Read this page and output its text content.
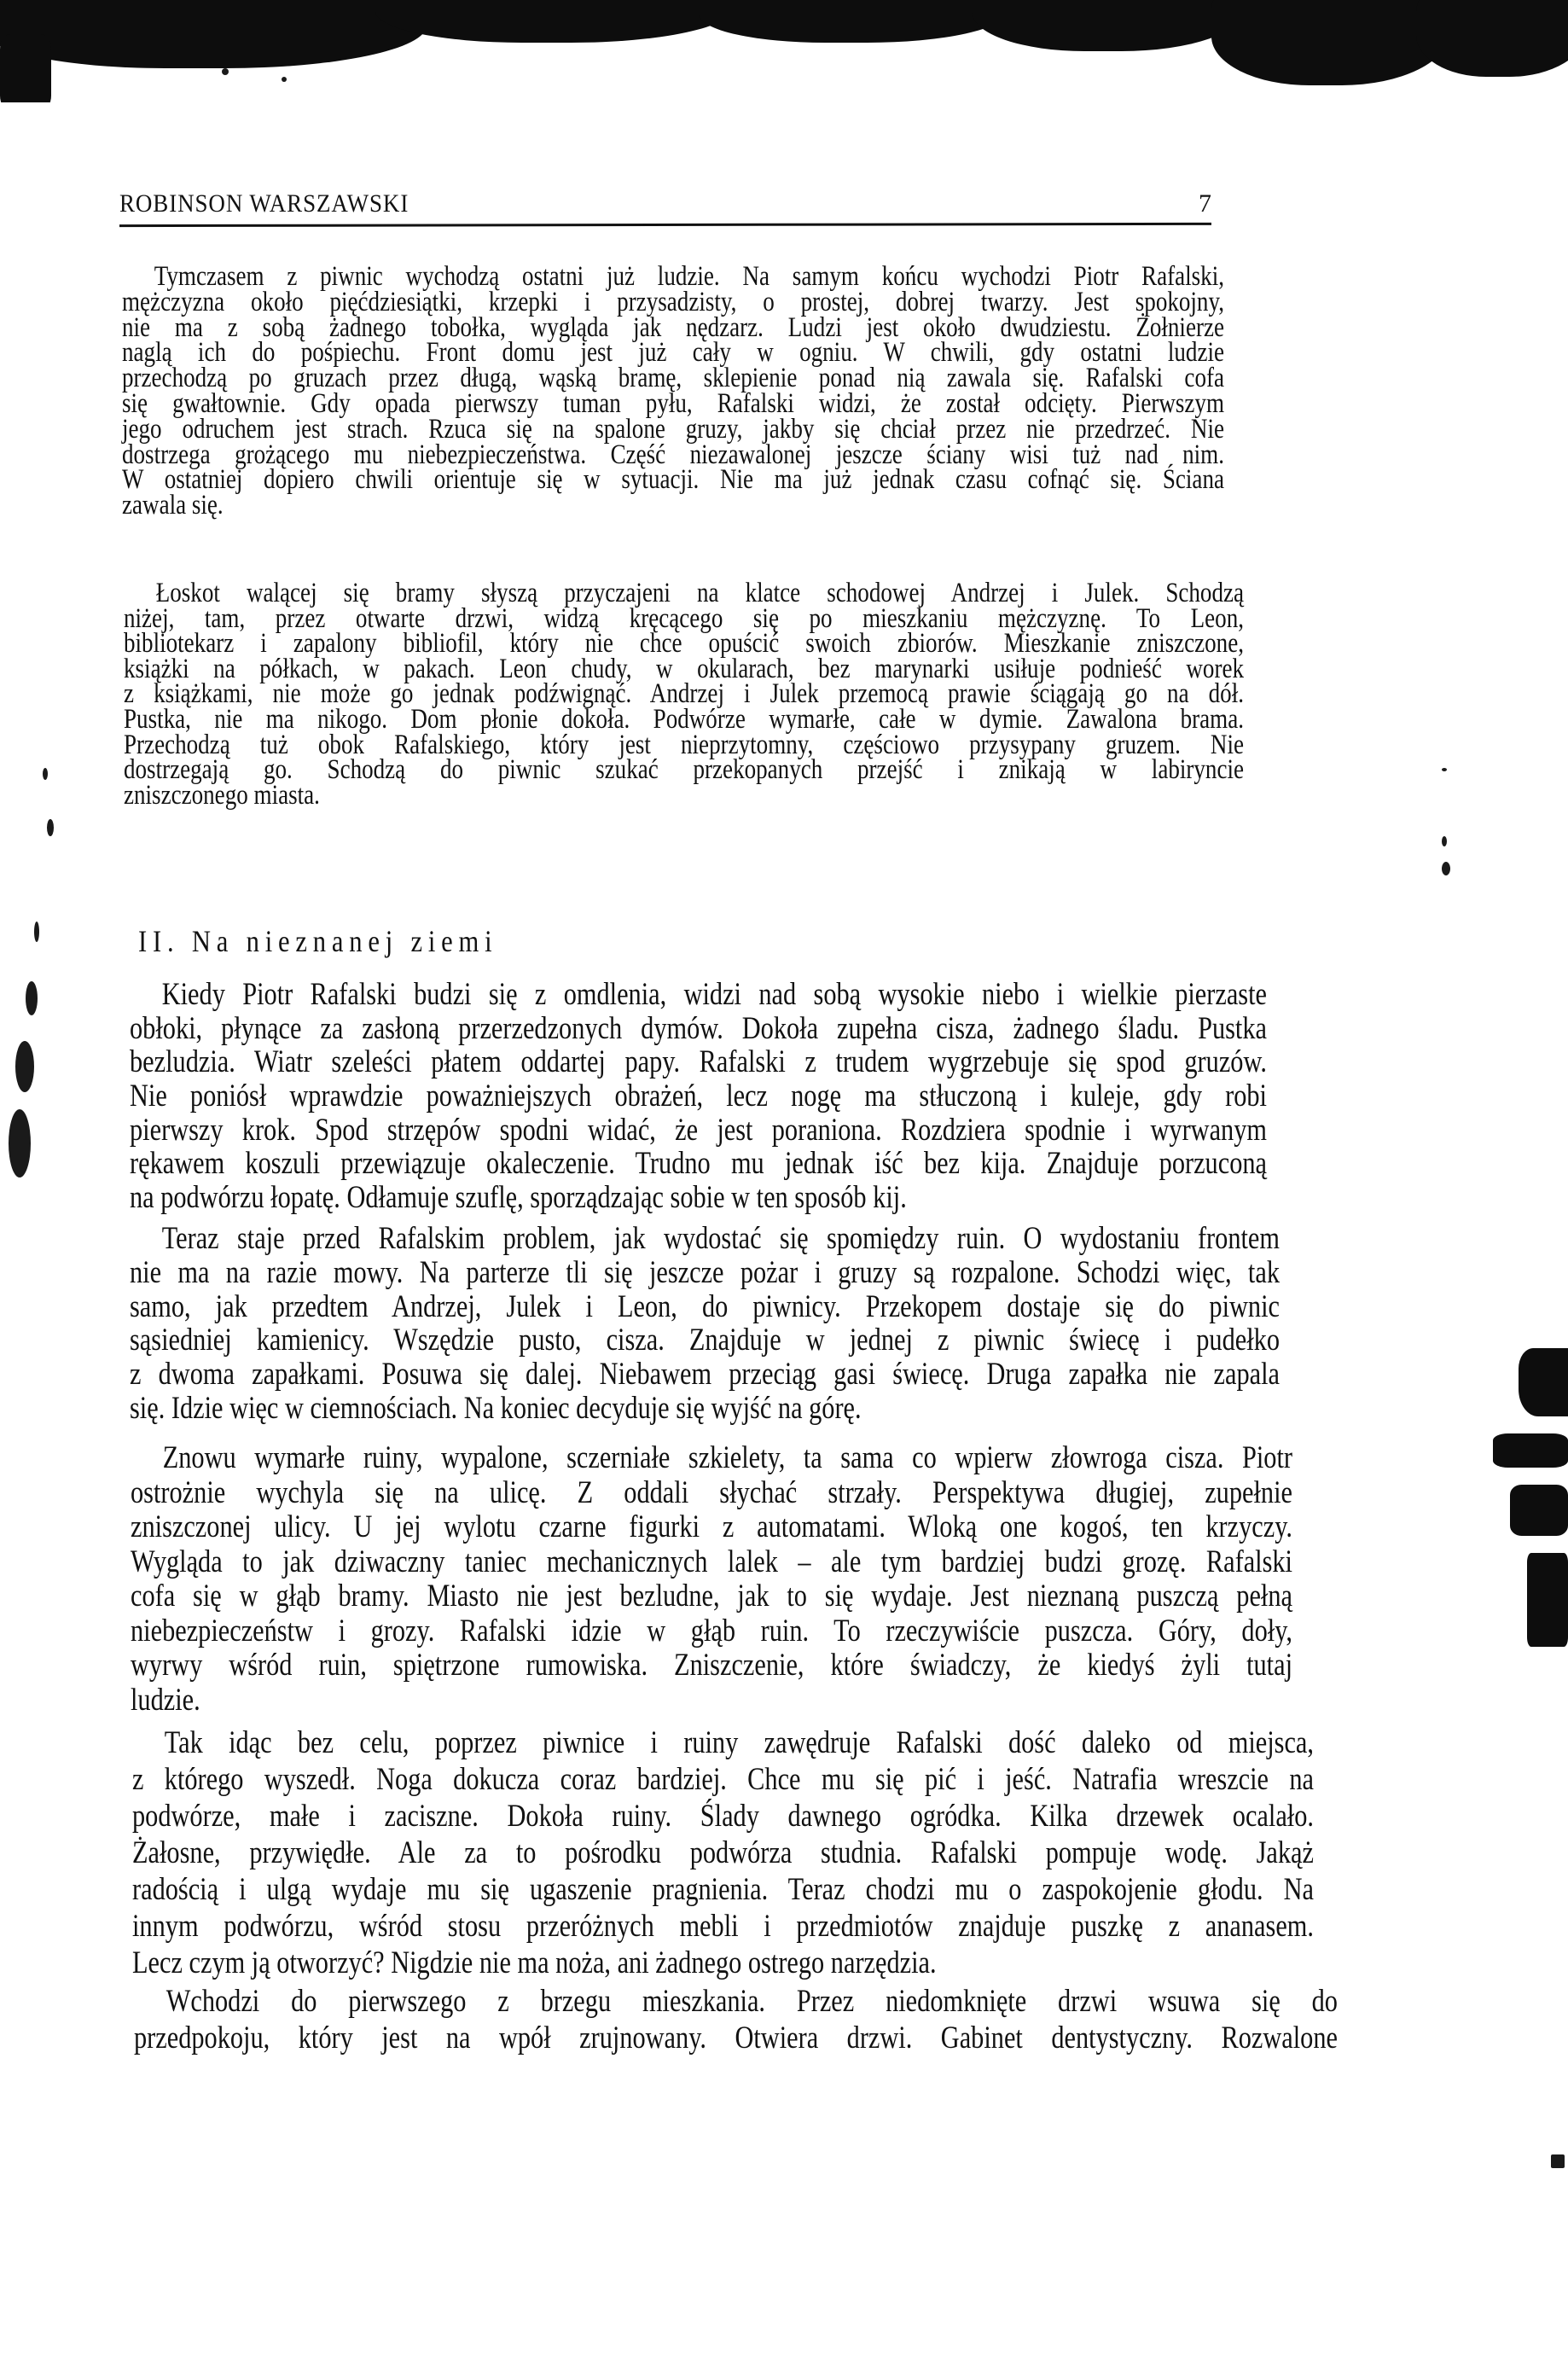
ROBINSON WARSZAWSKI	7
Tymczasem z piwnic wychodzą ostatni już ludzie. Na samym końcu wychodzi Piotr Rafalski,
mężczyzna około pięćdziesiątki, krzepki i przysadzisty, o prostej, dobrej twarzy. Jest spokojny,
nie ma z sobą żadnego tobołka, wygląda jak nędzarz. Ludzi jest około dwudziestu. Żołnierze
naglą ich do pośpiechu. Front domu jest już cały w ogniu. W chwili, gdy ostatni ludzie
przechodzą po gruzach przez długą, wąską bramę, sklepienie ponad nią zawala się. Rafalski cofa
się gwałtownie. Gdy opada pierwszy tuman pyłu, Rafalski widzi, że został odcięty. Pierwszym
jego odruchem jest strach. Rzuca się na spalone gruzy, jakby się chciał przez nie przedrzeć. Nie
dostrzega grożącego mu niebezpieczeństwa. Część niezawalonej jeszcze ściany wisi tuż nad nim.
W ostatniej dopiero chwili orientuje się w sytuacji. Nie ma już jednak czasu cofnąć się. Ściana
zawala się.
Łoskot walącej się bramy słyszą przyczajeni na klatce schodowej Andrzej i Julek. Schodzą
niżej, tam, przez otwarte drzwi, widzą kręcącego się po mieszkaniu mężczyznę. To Leon,
bibliotekarz i zapalony bibliofil, który nie chce opuścić swoich zbiorów. Mieszkanie zniszczone,
książki na półkach, w pakach. Leon chudy, w okularach, bez marynarki usiłuje podnieść worek
z książkami, nie może go jednak podźwignąć. Andrzej i Julek przemocą prawie ściągają go na dół.
Pustka, nie ma nikogo. Dom płonie dokoła. Podwórze wymarłe, całe w dymie. Zawalona brama.
Przechodzą tuż obok Rafalskiego, który jest nieprzytomny, częściowo przysypany gruzem. Nie
dostrzegają go. Schodzą do piwnic szukać przekopanych przejść i znikają w labiryncie
zniszczonego miasta.
Kiedy Piotr Rafalski budzi się z omdlenia, widzi nad sobą wysokie niebo i wielkie pierzaste
obłoki, płynące za zasłoną przerzedzonych dymów. Dokoła zupełna cisza, żadnego śladu. Pustka
bezludzia. Wiatr szeleści płatem oddartej papy. Rafalski z trudem wygrzebuje się spod gruzów.
Nie poniósł wprawdzie poważniejszych obrażeń, lecz nogę ma stłuczoną i kuleje, gdy robi
pierwszy krok. Spod strzępów spodni widać, że jest poraniona. Rozdziera spodnie i wyrwanym
rękawem koszuli przewiązuje okaleczenie. Trudno mu jednak iść bez kija. Znajduje porzuconą
na podwórzu łopatę. Odłamuje szuflę, sporządzając sobie w ten sposób kij.
Teraz staje przed Rafalskim problem, jak wydostać się spomiędzy ruin. O wydostaniu frontem
nie ma na razie mowy. Na parterze tli się jeszcze pożar i gruzy są rozpalone. Schodzi więc, tak
samo, jak przedtem Andrzej, Julek i Leon, do piwnicy. Przekopem dostaje się do piwnic
sąsiedniej kamienicy. Wszędzie pusto, cisza. Znajduje w jednej z piwnic świecę i pudełko
z dwoma zapałkami. Posuwa się dalej. Niebawem przeciąg gasi świecę. Druga zapałka nie zapala
się. Idzie więc w ciemnościach. Na koniec decyduje się wyjść na górę.
Znowu wymarłe ruiny, wypalone, sczerniałe szkielety, ta sama co wpierw złowroga cisza. Piotr
ostrożnie wychyla się na ulicę. Z oddali słychać strzały. Perspektywa długiej, zupełnie
zniszczonej ulicy. U jej wylotu czarne figurki z automatami. Wloką one kogoś, ten krzyczy.
Wygląda to jak dziwaczny taniec mechanicznych lalek – ale tym bardziej budzi grozę. Rafalski
cofa się w głąb bramy. Miasto nie jest bezludne, jak to się wydaje. Jest nieznaną puszczą pełną
niebezpieczeństw i grozy. Rafalski idzie w głąb ruin. To rzeczywiście puszcza. Góry, doły,
wyrwy wśród ruin, spiętrzone rumowiska. Zniszczenie, które świadczy, że kiedyś żyli tutaj
ludzie.
Tak idąc bez celu, poprzez piwnice i ruiny zawędruje Rafalski dość daleko od miejsca,
z którego wyszedł. Noga dokucza coraz bardziej. Chce mu się pić i jeść. Natrafia wreszcie na
podwórze, małe i zaciszne. Dokoła ruiny. Ślady dawnego ogródka. Kilka drzewek ocalało.
Żałosne, przywiędłe. Ale za to pośrodku podwórza studnia. Rafalski pompuje wodę. Jakąż
radością i ulgą wydaje mu się ugaszenie pragnienia. Teraz chodzi mu o zaspokojenie głodu. Na
innym podwórzu, wśród stosu przeróżnych mebli i przedmiotów znajduje puszkę z ananasem.
Lecz czym ją otworzyć? Nigdzie nie ma noża, ani żadnego ostrego narzędzia.
Wchodzi do pierwszego z brzegu mieszkania. Przez niedomknięte drzwi wsuwa się do
przedpokoju, który jest na wpół zrujnowany. Otwiera drzwi. Gabinet dentystyczny. Rozwalone
II. Na nieznanej ziemi
